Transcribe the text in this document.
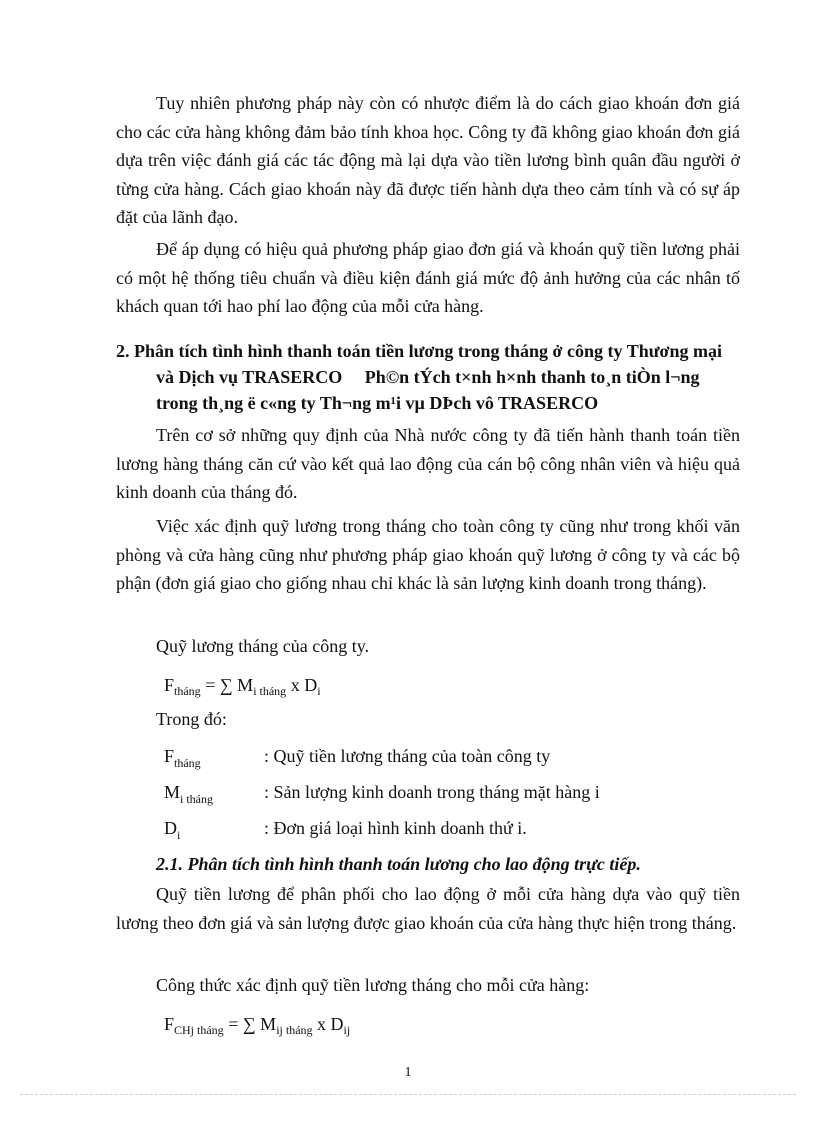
Tuy nhiên phương pháp này còn có nhược điểm là do cách giao khoán đơn giá cho các cửa hàng không đảm bảo tính khoa học. Công ty đã không giao khoán đơn giá dựa trên việc đánh giá các tác động mà lại dựa vào tiền lương bình quân đầu người ở từng cửa hàng. Cách giao khoán này đã được tiến hành dựa theo cảm tính và có sự áp đặt của lãnh đạo.

Để áp dụng có hiệu quả phương pháp giao đơn giá và khoán quỹ tiền lương phải có một hệ thống tiêu chuẩn và điều kiện đánh giá mức độ ảnh hưởng của các nhân tố khách quan tới hao phí lao động của mỗi cửa hàng.

2. Phân tích tình hình thanh toán tiền lương trong tháng ở công ty Thương mại và Dịch vụ TRASERCO Ph©n tÝch t×nh h×nh thanh to¸n tiÒn l¬ng trong th¸ng ë c«ng ty Th¬ng m¹i vµ DÞch vô TRASERCO

Trên cơ sở những quy định của Nhà nước công ty đã tiến hành thanh toán tiền lương hàng tháng căn cứ vào kết quả lao động của cán bộ công nhân viên và hiệu quả kinh doanh của tháng đó.

Việc xác định quỹ lương trong tháng cho toàn công ty cũng như trong khối văn phòng và cửa hàng cũng như phương pháp giao khoán quỹ lương ở công ty và các bộ phận (đơn giá giao cho giống nhau chỉ khác là sản lượng kinh doanh trong tháng).

Quỹ lương tháng của công ty.
$F_{tháng}$ = ∑ $M_{i tháng}$ x $D_i$
Trong đó:
$F_{tháng}$	: Quỹ tiền lương tháng của toàn công ty
$M_{i tháng}$	: Sản lượng kinh doanh trong tháng mặt hàng i
$D_i$	: Đơn giá loại hình kinh doanh thứ i.
2.1. Phân tích tình hình thanh toán lương cho lao động trực tiếp.

Quỹ tiền lương để phân phối cho lao động ở mỗi cửa hàng dựa vào quỹ tiền lương theo đơn giá và sản lượng được giao khoán của cửa hàng thực hiện trong tháng.

Công thức xác định quỹ tiền lương tháng cho mỗi cửa hàng:
$F_{CHj tháng}$ = ∑ $M_{ij tháng}$ x $D_{ij}$
1
